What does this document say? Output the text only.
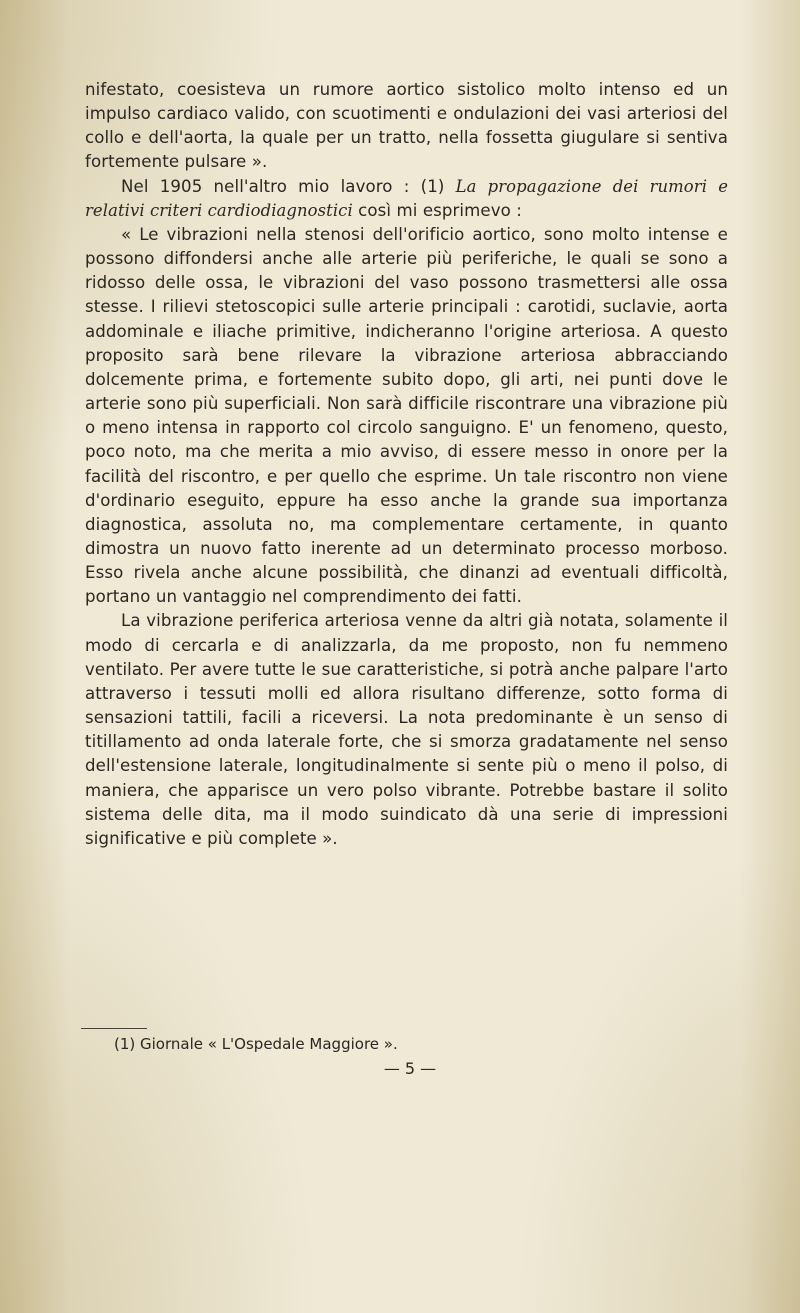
nifestato, coesisteva un rumore aortico sistolico molto intenso ed un impulso cardiaco valido, con scuotimenti e ondulazioni dei vasi arteriosi del collo e dell'aorta, la quale per un tratto, nella fossetta giugulare si sentiva fortemente pulsare ».

Nel 1905 nell'altro mio lavoro : (1) La propagazione dei rumori e relativi criteri cardiodiagnostici così mi esprimevo :

« Le vibrazioni nella stenosi dell'orificio aortico, sono molto intense e possono diffondersi anche alle arterie più periferiche, le quali se sono a ridosso delle ossa, le vibrazioni del vaso possono trasmettersi alle ossa stesse. I rilievi stetoscopici sulle arterie principali : carotidi, suclavie, aorta addominale e iliache primitive, indicheranno l'origine arteriosa. A questo proposito sarà bene rilevare la vibrazione arteriosa abbracciando dolcemente prima, e fortemente subito dopo, gli arti, nei punti dove le arterie sono più superficiali. Non sarà difficile riscontrare una vibrazione più o meno intensa in rapporto col circolo sanguigno. E' un fenomeno, questo, poco noto, ma che merita a mio avviso, di essere messo in onore per la facilità del riscontro, e per quello che esprime. Un tale riscontro non viene d'ordinario eseguito, eppure ha esso anche la grande sua importanza diagnostica, assoluta no, ma complementare certamente, in quanto dimostra un nuovo fatto inerente ad un determinato processo morboso. Esso rivela anche alcune possibilità, che dinanzi ad eventuali difficoltà, portano un vantaggio nel comprendimento dei fatti.

La vibrazione periferica arteriosa venne da altri già notata, solamente il modo di cercarla e di analizzarla, da me proposto, non fu nemmeno ventilato. Per avere tutte le sue caratteristiche, si potrà anche palpare l'arto attraverso i tessuti molli ed allora risultano differenze, sotto forma di sensazioni tattili, facili a riceversi. La nota predominante è un senso di titillamento ad onda laterale forte, che si smorza gradatamente nel senso dell'estensione laterale, longitudinalmente si sente più o meno il polso, di maniera, che apparisce un vero polso vibrante. Potrebbe bastare il solito sistema delle dita, ma il modo suindicato dà una serie di impressioni significative e più complete ».

(1) Giornale « L'Ospedale Maggiore ».
— 5 —
